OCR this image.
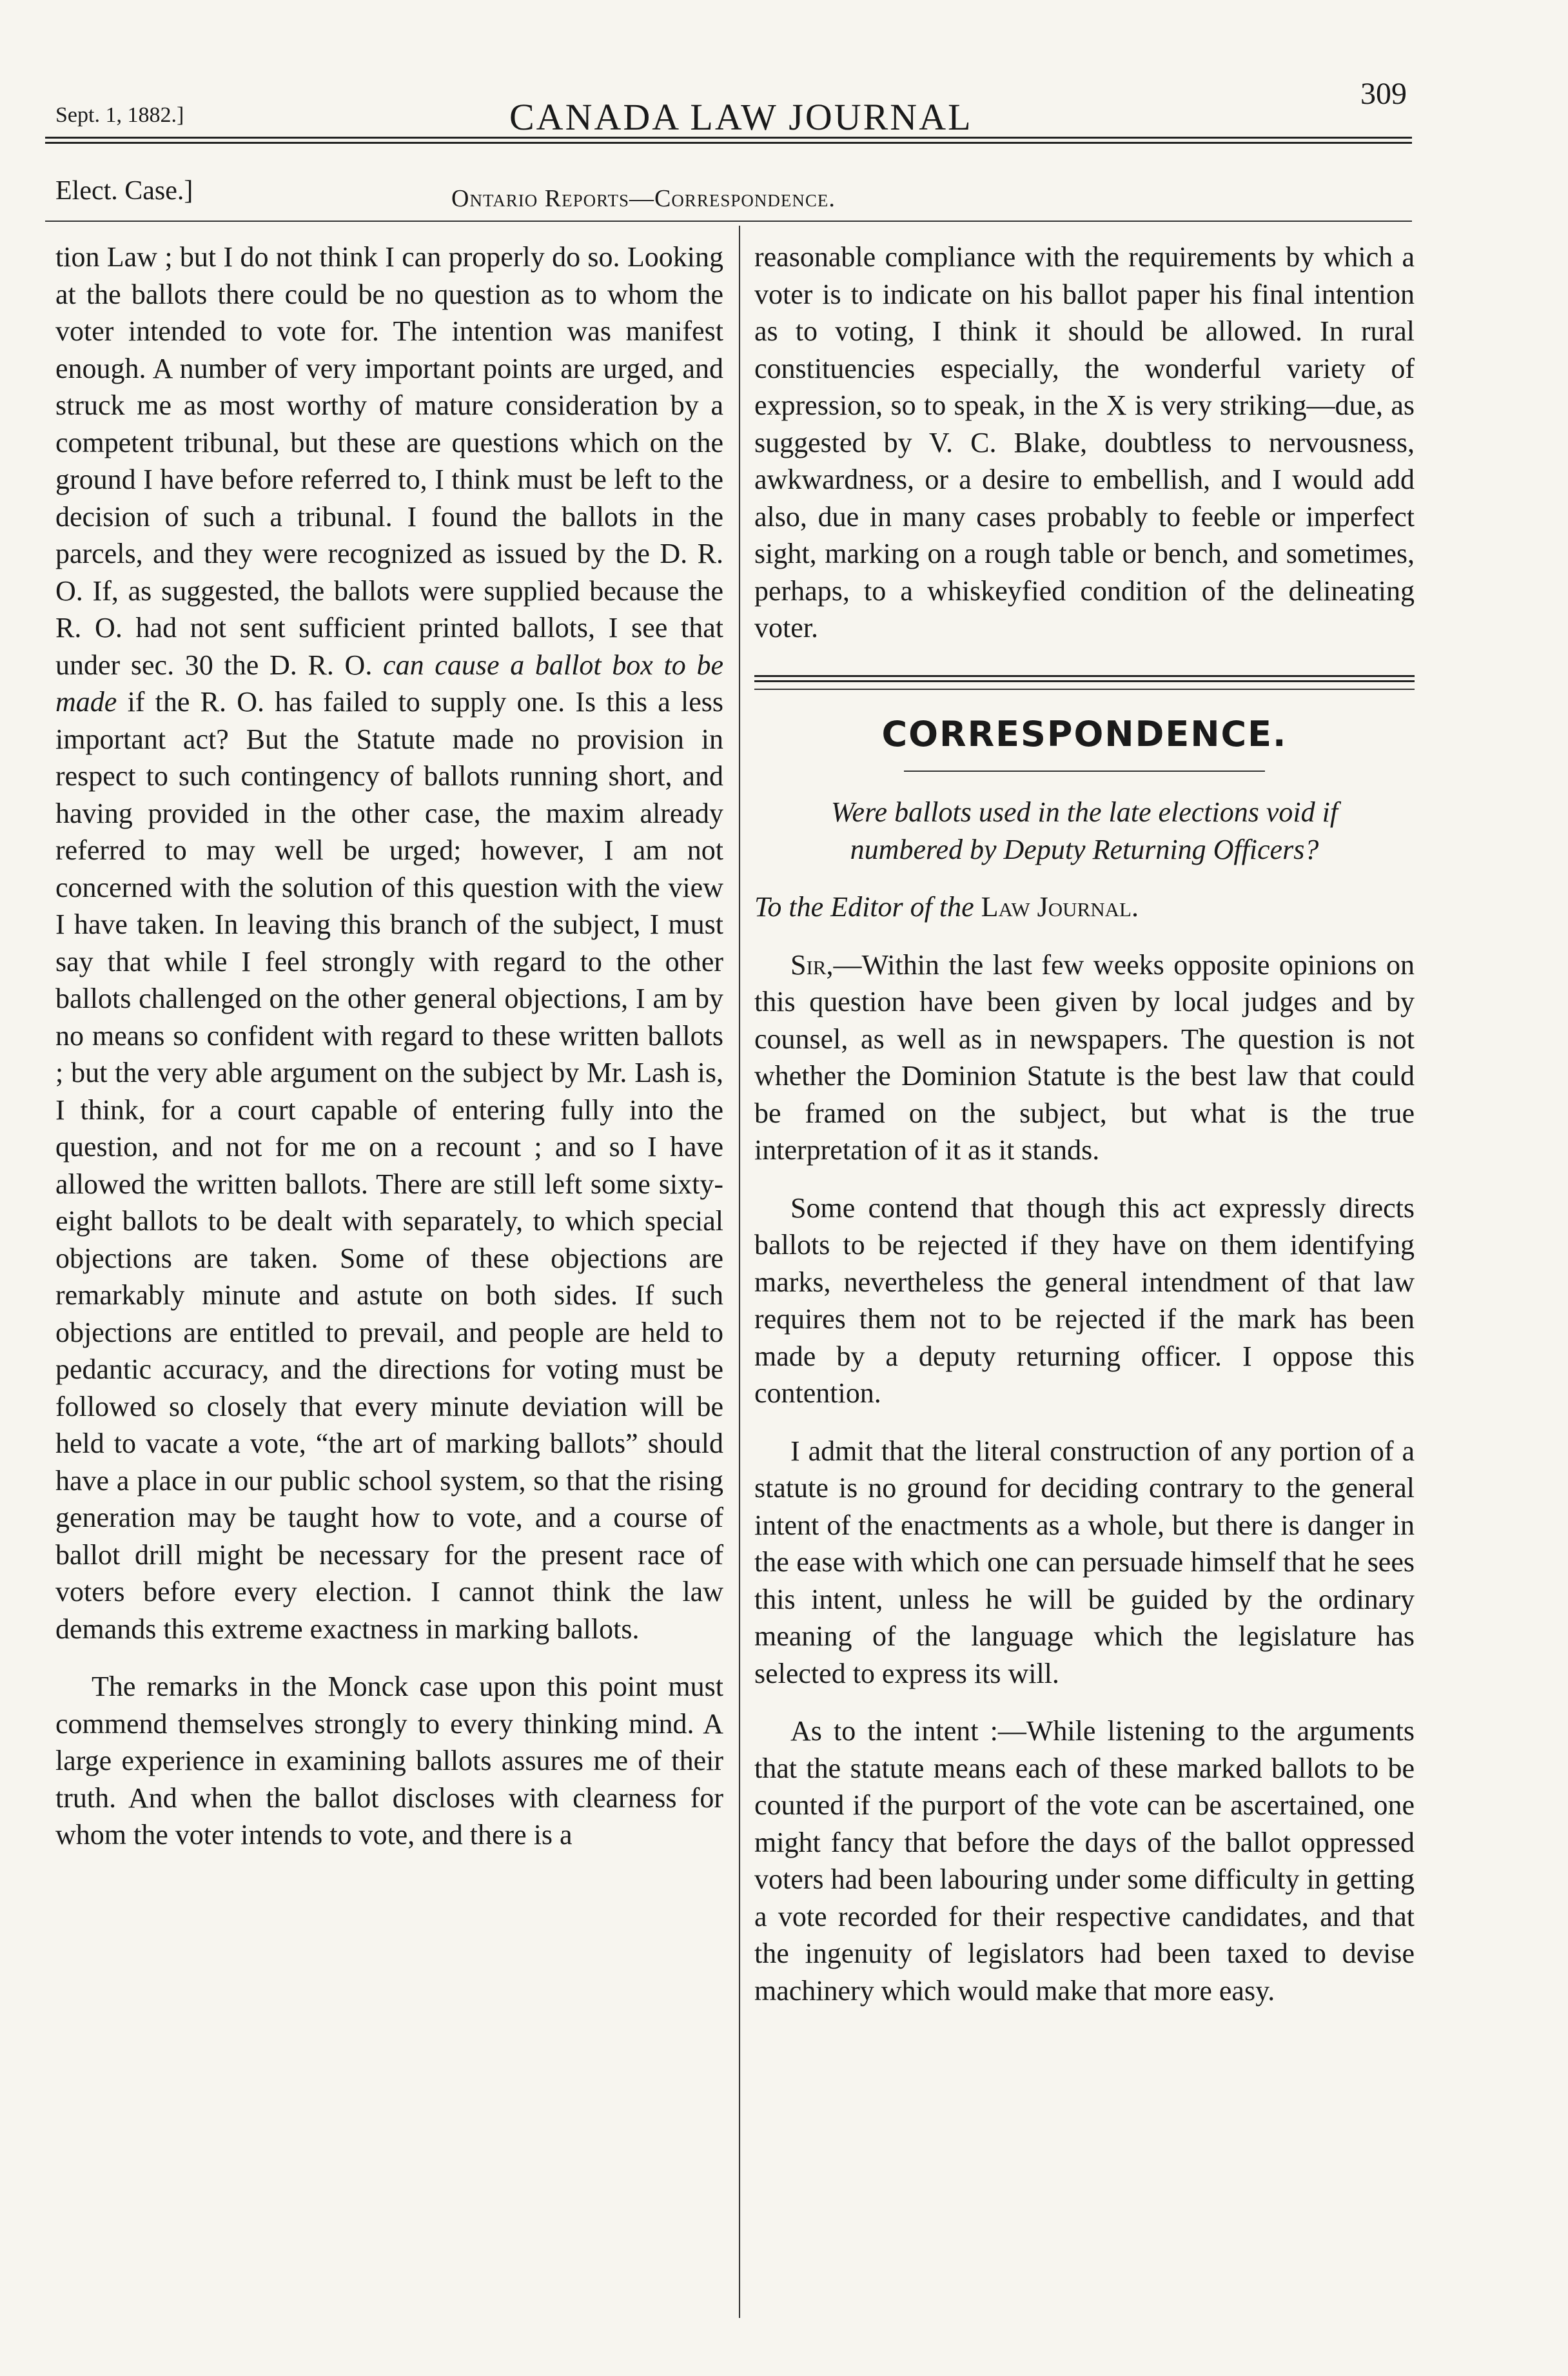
Sept. 1, 1882.]	CANADA LAW JOURNAL
309
Elect. Case.]	Ontario Reports—Correspondence.

tion Law ; but I do not think I can properly do so. Looking at the ballots there could be no question as to whom the voter intended to vote for. The intention was manifest enough. A number of very important points are urged, and struck me as most worthy of mature consideration by a competent tribunal, but these are questions which on the ground I have before referred to, I think must be left to the decision of such a tribunal. I found the ballots in the parcels, and they were recognized as issued by the D. R. O. If, as suggested, the ballots were supplied because the R. O. had not sent sufficient printed ballots, I see that under sec. 30 the D. R. O. can cause a ballot box to be made if the R. O. has failed to supply one. Is this a less important act? But the Statute made no provision in respect to such contingency of ballots running short, and having provided in the other case, the maxim already referred to may well be urged; however, I am not concerned with the solution of this question with the view I have taken. In leaving this branch of the subject, I must say that while I feel strongly with regard to the other ballots challenged on the other general objections, I am by no means so confident with regard to these written ballots ; but the very able argument on the subject by Mr. Lash is, I think, for a court capable of entering fully into the question, and not for me on a recount ; and so I have allowed the written ballots. There are still left some sixty-eight ballots to be dealt with separately, to which special objections are taken. Some of these objections are remarkably minute and astute on both sides. If such objections are entitled to prevail, and people are held to pedantic accuracy, and the directions for voting must be followed so closely that every minute deviation will be held to vacate a vote, “the art of marking ballots” should have a place in our public school system, so that the rising generation may be taught how to vote, and a course of ballot drill might be necessary for the present race of voters before every election. I cannot think the law demands this extreme exactness in marking ballots.

The remarks in the Monck case upon this point must commend themselves strongly to every thinking mind. A large experience in examining ballots assures me of their truth. And when the ballot discloses with clearness for whom the voter intends to vote, and there is a

reasonable compliance with the requirements by which a voter is to indicate on his ballot paper his final intention as to voting, I think it should be allowed. In rural constituencies especially, the wonderful variety of expression, so to speak, in the X is very striking—due, as suggested by V. C. Blake, doubtless to nervousness, awkwardness, or a desire to embellish, and I would add also, due in many cases probably to feeble or imperfect sight, marking on a rough table or bench, and sometimes, perhaps, to a whiskeyfied condition of the delineating voter.

CORRESPONDENCE.

Were ballots used in the late elections void if numbered by Deputy Returning Officers?

To the Editor of the Law Journal.

Sir,—Within the last few weeks opposite opinions on this question have been given by local judges and by counsel, as well as in newspapers. The question is not whether the Dominion Statute is the best law that could be framed on the subject, but what is the true interpretation of it as it stands.

Some contend that though this act expressly directs ballots to be rejected if they have on them identifying marks, nevertheless the general intendment of that law requires them not to be rejected if the mark has been made by a deputy returning officer. I oppose this contention.

I admit that the literal construction of any portion of a statute is no ground for deciding contrary to the general intent of the enactments as a whole, but there is danger in the ease with which one can persuade himself that he sees this intent, unless he will be guided by the ordinary meaning of the language which the legislature has selected to express its will.

As to the intent :—While listening to the arguments that the statute means each of these marked ballots to be counted if the purport of the vote can be ascertained, one might fancy that before the days of the ballot oppressed voters had been labouring under some difficulty in getting a vote recorded for their respective candidates, and that the ingenuity of legislators had been taxed to devise machinery which would make that more easy.
